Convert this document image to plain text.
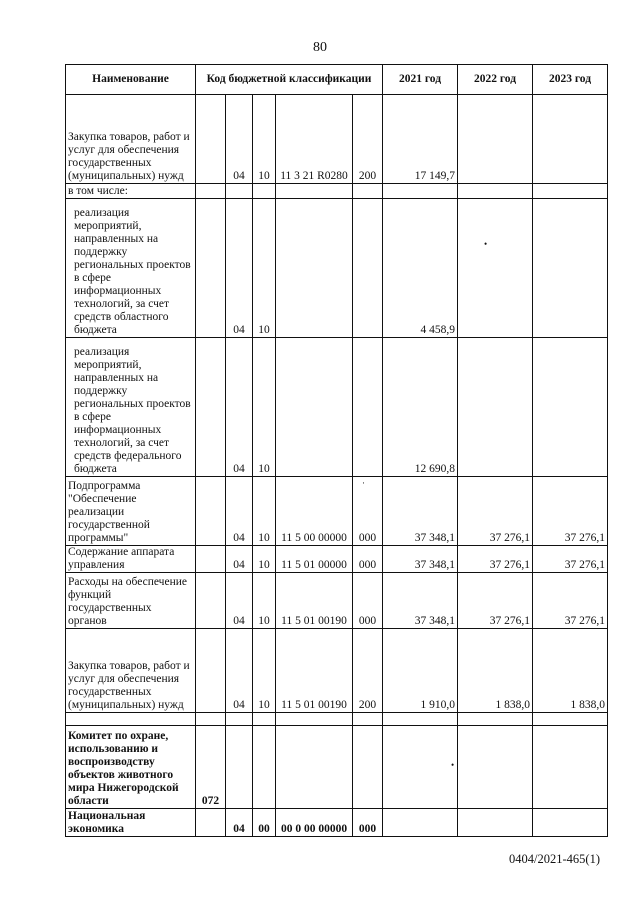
80
Наименование	Код бюджетной классификации					2021 год	2022 год	2023 год
Закупка товаров, работ и услуг для обеспечения государственных (муниципальных) нужд		04	10	11 3 21 R0280	200	17 149,7		
в том числе:								
реализация мероприятий, направленных на поддержку региональных проектов в сфере информационных технологий, за счет средств областного бюджета		04	10			4 458,9		
реализация мероприятий, направленных на поддержку региональных проектов в сфере информационных технологий, за счет средств федерального бюджета		04	10			12 690,8		
Подпрограмма "Обеспечение реализации государственной программы"		04	10	11 5 00 00000	000	37 348,1	37 276,1	37 276,1
Содержание аппарата управления		04	10	11 5 01 00000	000	37 348,1	37 276,1	37 276,1
Расходы на обеспечение функций государственных органов		04	10	11 5 01 00190	000	37 348,1	37 276,1	37 276,1
Закупка товаров, работ и услуг для обеспечения государственных (муниципальных) нужд		04	10	11 5 01 00190	200	1 910,0	1 838,0	1 838,0

Комитет по охране, использованию и воспроизводству объектов животного мира Нижегородской области	072							
Национальная экономика		04	00	00 0 00 00000	000			
•
·
•
0404/2021-465(1)
